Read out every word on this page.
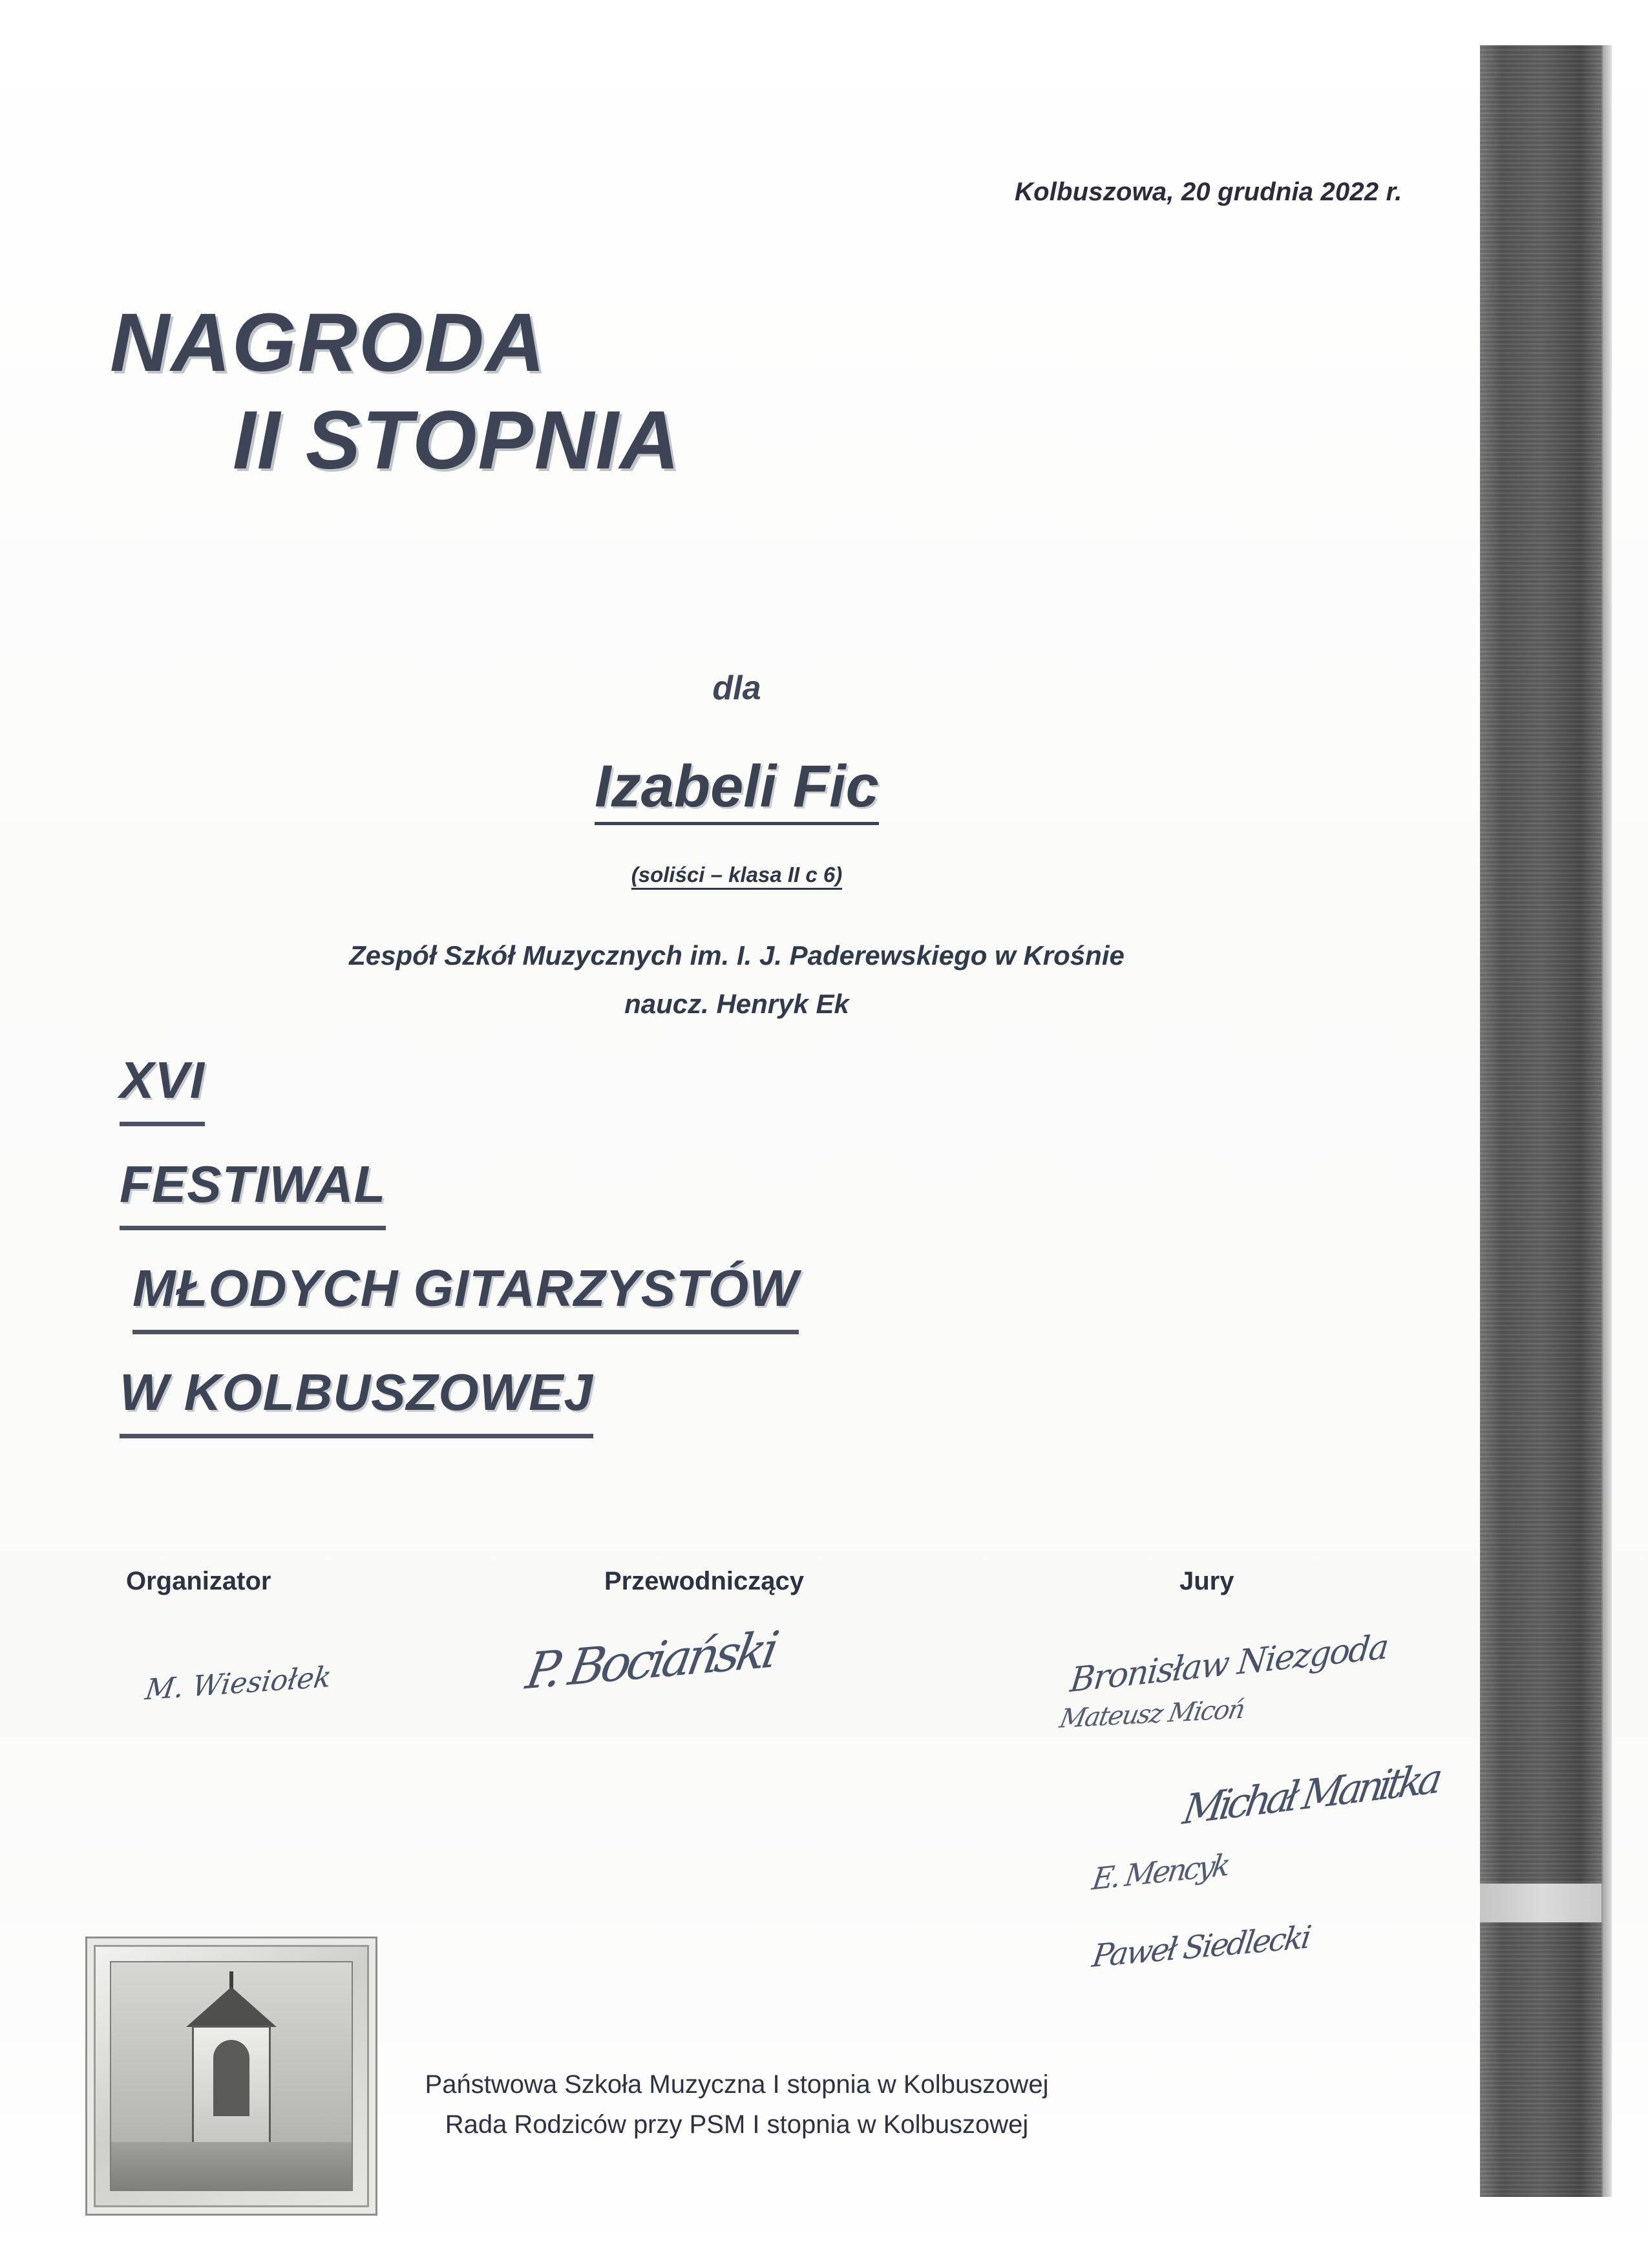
Kolbuszowa, 20 grudnia 2022 r.
NAGRODA
II STOPNIA
dla
Izabeli Fic
(soliści – klasa II c 6)
Zespół Szkół Muzycznych im. I. J. Paderewskiego w Krośnie
naucz. Henryk Ek
XVI
FESTIWAL
MŁODYCH GITARZYSTÓW
W KOLBUSZOWEJ
Organizator	Przewodniczący	Jury
M. Wiesiołek	P. Bociański	Bronisław Niezgoda
Mateusz Micoń
Michał Manitka
E. Mencyk
Paweł Siedlecki
Państwowa Szkoła Muzyczna I stopnia w Kolbuszowej
Rada Rodziców przy PSM I stopnia w Kolbuszowej
